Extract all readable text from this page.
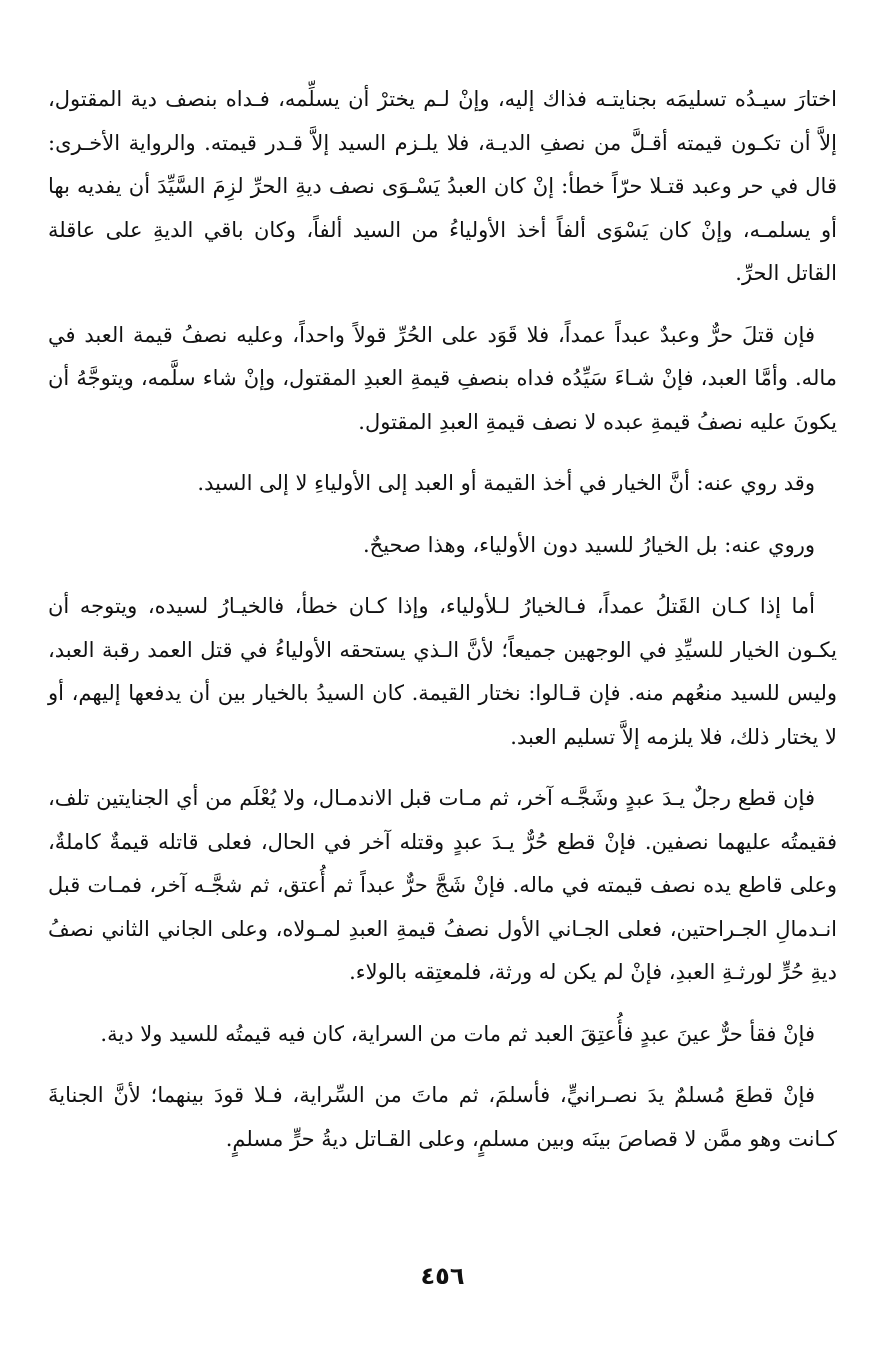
اختارَ سيـدُه تسليمَه بجنايتـه فذاك إليه، وإنْ لـم يخترْ أن يسلِّمه، فـداه بنصف دية المقتول، إلاَّ أن تكـون قيمته أقـلَّ من نصفِ الديـة، فلا يلـزم السيد إلاَّ قـدر قيمته. والرواية الأخـرى: قال في حر وعبد قتـلا حرّاً خطأ: إنْ كان العبدُ يَسْـوَى نصف ديةِ الحرِّ لزِمَ السَّيِّدَ أن يفديه بها أو يسلمـه، وإنْ كان يَسْوَى ألفاً أخذ الأولياءُ من السيد ألفاً، وكان باقي الديةِ على عاقلة القاتل الحرِّ.

فإن قتلَ حرٌّ وعبدٌ عبداً عمداً، فلا قَوَد على الحُرِّ قولاً واحداً، وعليه نصفُ قيمة العبد في ماله. وأمَّا العبد، فإنْ شـاءَ سَيِّدُه فداه بنصفِ قيمةِ العبدِ المقتول، وإنْ شاء سلَّمه، ويتوجَّهُ أن يكونَ عليه نصفُ قيمةِ عبده لا نصف قيمةِ العبدِ المقتول.

وقد روي عنه: أنَّ الخيار في أخذ القيمة أو العبد إلى الأولياءِ لا إلى السيد.

وروي عنه: بل الخيارُ للسيد دون الأولياء، وهذا صحيحٌ.

أما إذا كـان القَتلُ عمداً، فـالخيارُ لـلأولياء، وإذا كـان خطأ، فالخيـارُ لسيده، ويتوجه أن يكـون الخيار للسيِّدِ في الوجهين جميعاً؛ لأنَّ الـذي يستحقه الأولياءُ في قتل العمد رقبة العبد، وليس للسيد منعُهم منه. فإن قـالوا: نختار القيمة. كان السيدُ بالخيار بين أن يدفعها إليهم، أو لا يختار ذلك، فلا يلزمه إلاَّ تسليم العبد.

فإن قطع رجلٌ يـدَ عبدٍ وشَجَّـه آخر، ثم مـات قبل الاندمـال، ولا يُعْلَم من أي الجنايتين تلف، فقيمتُه عليهما نصفين. فإنْ قطع حُرٌّ يـدَ عبدٍ وقتله آخر في الحال، فعلى قاتله قيمةٌ كاملةٌ، وعلى قاطع يده نصف قيمته في ماله. فإنْ شَجَّ حرٌّ عبداً ثم أُعتق، ثم شجَّـه آخر، فمـات قبل انـدمالِ الجـراحتين، فعلى الجـاني الأول نصفُ قيمةِ العبدِ لمـولاه، وعلى الجاني الثاني نصفُ ديةِ حُرٍّ لورثـةِ العبدِ، فإنْ لم يكن له ورثة، فلمعتِقه بالولاء.

فإنْ فقأ حرٌّ عينَ عبدٍ فأُعتِقَ العبد ثم مات من السراية، كان فيه قيمتُه للسيد ولا دية.

فإنْ قطعَ مُسلمٌ يدَ نصـرانيٍّ، فأسلمَ، ثم ماتَ من السِّراية، فـلا قودَ بينهما؛ لأنَّ الجنايةَ كـانت وهو ممَّن لا قصاصَ بينَه وبين مسلمٍ، وعلى القـاتل ديةُ حرٍّ مسلمٍ.

٤٥٦
